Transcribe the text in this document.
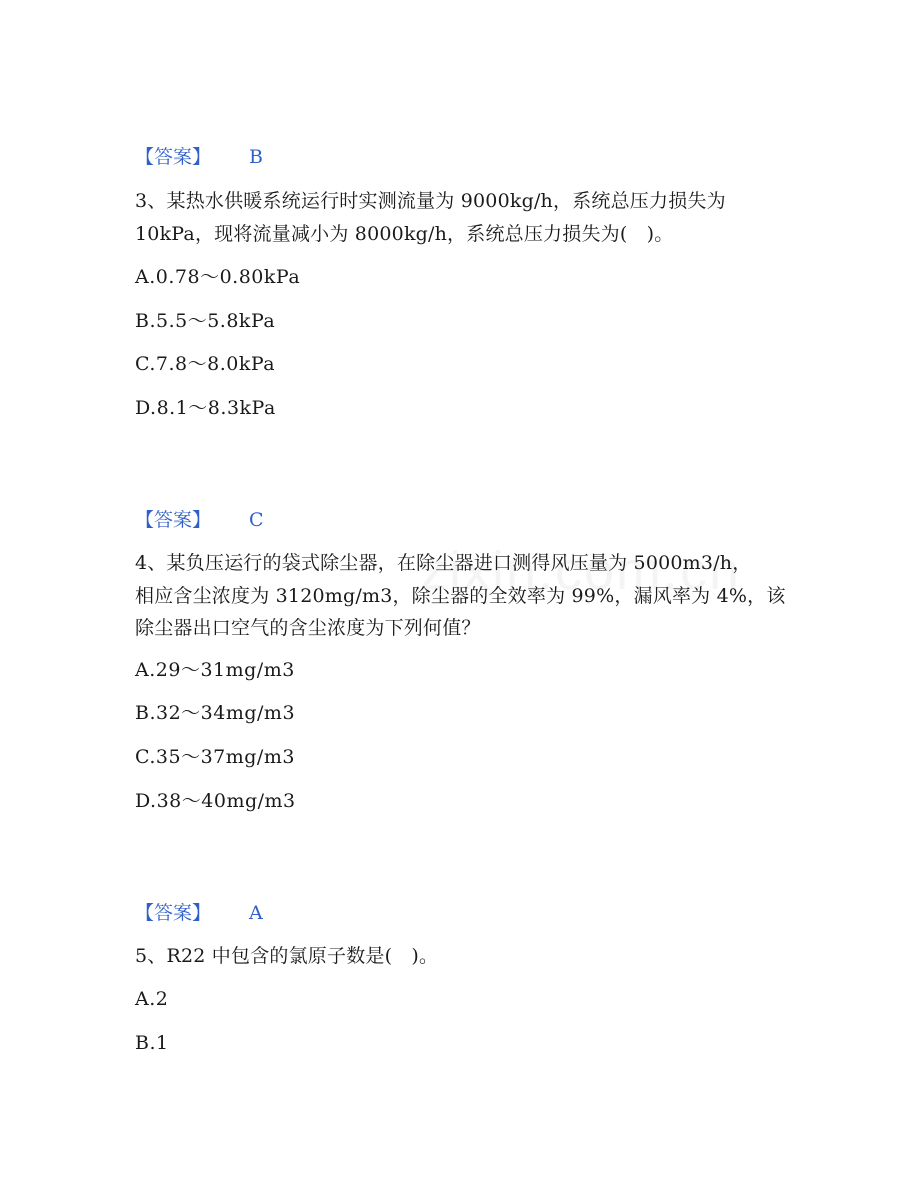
【答案】 B
3、某热水供暖系统运行时实测流量为 9000kg/h，系统总压力损失为
10kPa，现将流量减小为 8000kg/h，系统总压力损失为(　)。
A.0.78～0.80kPa
B.5.5～5.8kPa
C.7.8～8.0kPa
D.8.1～8.3kPa
【答案】 C
4、某负压运行的袋式除尘器，在除尘器进口测得风压量为 5000m3/h，
相应含尘浓度为 3120mg/m3，除尘器的全效率为 99%，漏风率为 4%，该
除尘器出口空气的含尘浓度为下列何值？
A.29～31mg/m3
B.32～34mg/m3
C.35～37mg/m3
D.38～40mg/m3
【答案】 A
5、R22 中包含的氯原子数是(　)。
A.2
B.1
